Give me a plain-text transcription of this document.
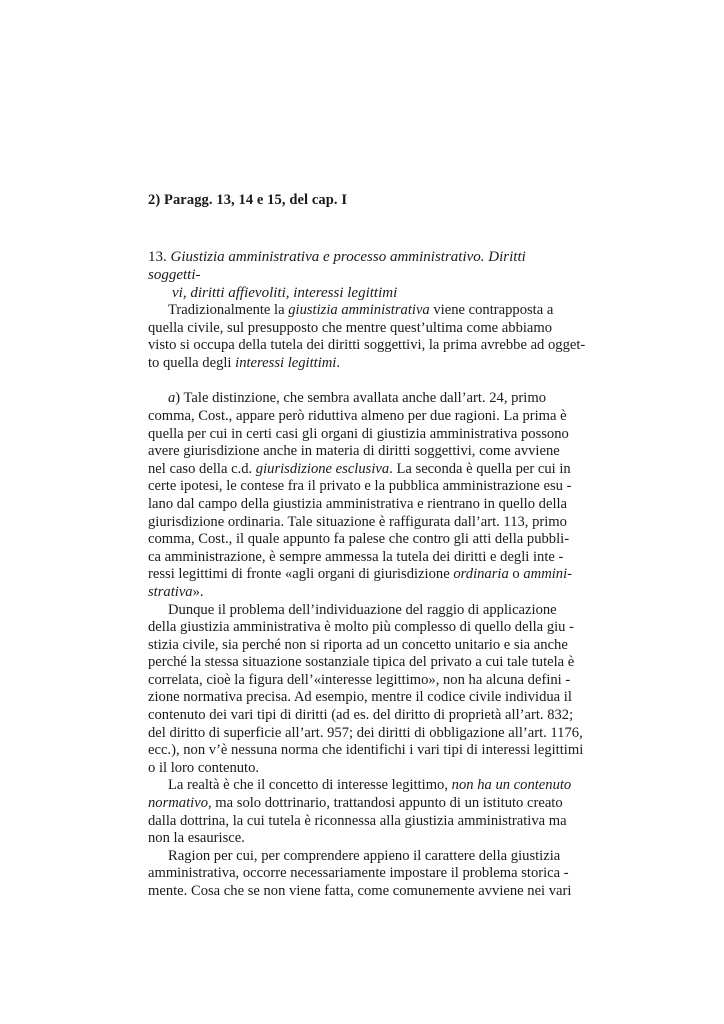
2) Paragg. 13, 14 e 15, del cap. I
13. Giustizia amministrativa e processo amministrativo. Diritti soggetti-
vi, diritti affievoliti, interessi legittimi

Tradizionalmente la giustizia amministrativa viene contrapposta a
quella civile, sul presupposto che mentre quest’ultima come abbiamo
visto si occupa della tutela dei diritti soggettivi, la prima avrebbe ad ogget-
to quella degli interessi legittimi.

a) Tale distinzione, che sembra avallata anche dall’art. 24, primo
comma, Cost., appare però riduttiva almeno per due ragioni. La prima è
quella per cui in certi casi gli organi di giustizia amministrativa possono
avere giurisdizione anche in materia di diritti soggettivi, come avviene
nel caso della c.d. giurisdizione esclusiva. La seconda è quella per cui in
certe ipotesi, le contese fra il privato e la pubblica amministrazione esu -
lano dal campo della giustizia amministrativa e rientrano in quello della
giurisdizione ordinaria. Tale situazione è raffigurata dall’art. 113, primo
comma, Cost., il quale appunto fa palese che contro gli atti della pubbli-
ca amministrazione, è sempre ammessa la tutela dei diritti e degli inte -
ressi legittimi di fronte «agli organi di giurisdizione ordinaria o ammini-
strativa».

Dunque il problema dell’individuazione del raggio di applicazione
della giustizia amministrativa è molto più complesso di quello della giu -
stizia civile, sia perché non si riporta ad un concetto unitario e sia anche
perché la stessa situazione sostanziale tipica del privato a cui tale tutela è
correlata, cioè la figura dell’«interesse legittimo», non ha alcuna defini -
zione normativa precisa. Ad esempio, mentre il codice civile individua il
contenuto dei vari tipi di diritti (ad es. del diritto di proprietà all’art. 832;
del diritto di superficie all’art. 957; dei diritti di obbligazione all’art. 1176,
ecc.), non v’è nessuna norma che identifichi i vari tipi di interessi legittimi
o il loro contenuto.

La realtà è che il concetto di interesse legittimo, non ha un contenuto
normativo, ma solo dottrinario, trattandosi appunto di un istituto creato
dalla dottrina, la cui tutela è riconnessa alla giustizia amministrativa ma
non la esaurisce.

Ragion per cui, per comprendere appieno il carattere della giustizia
amministrativa, occorre necessariamente impostare il problema storica -
mente. Cosa che se non viene fatta, come comunemente avviene nei vari
